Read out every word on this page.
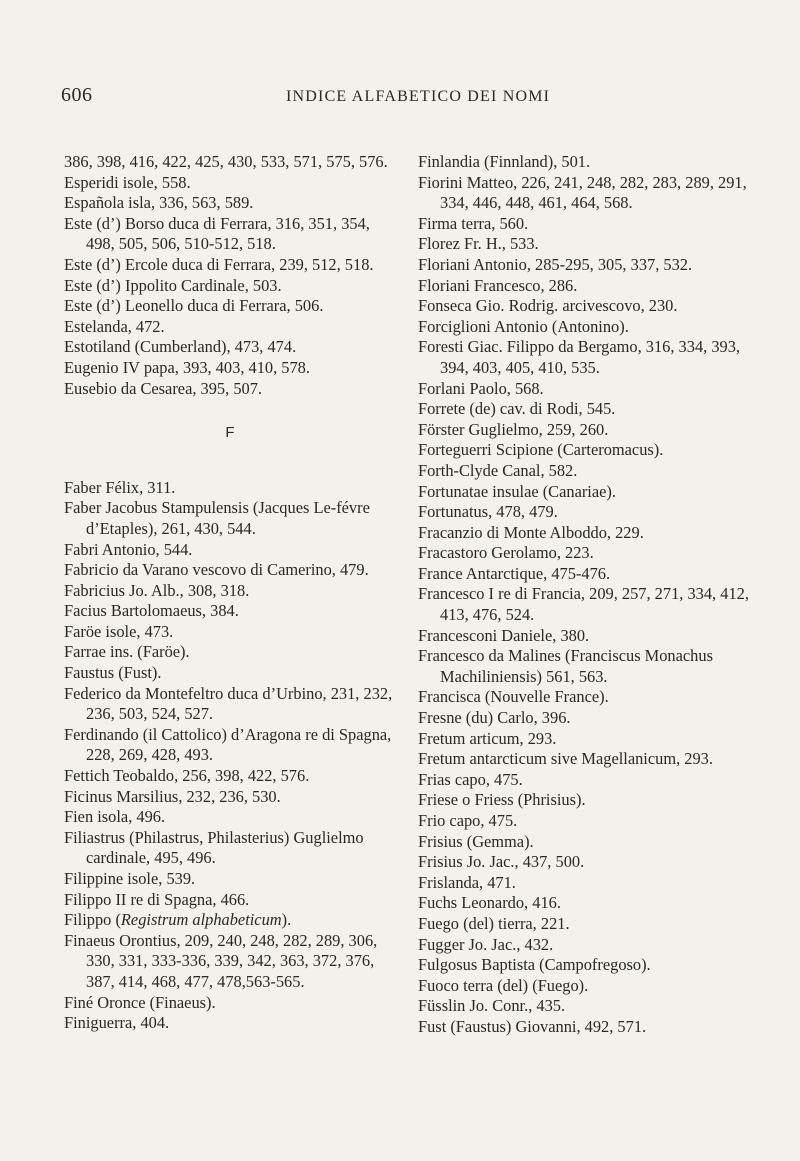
606	INDICE ALFABETICO DEI NOMI
386, 398, 416, 422, 425, 430, 533, 571, 575, 576.
Esperidi isole, 558.
Española isla, 336, 563, 589.
Este (d’) Borso duca di Ferrara, 316, 351, 354, 498, 505, 506, 510-512, 518.
Este (d’) Ercole duca di Ferrara, 239, 512, 518.
Este (d’) Ippolito Cardinale, 503.
Este (d’) Leonello duca di Ferrara, 506.
Estelanda, 472.
Estotiland (Cumberland), 473, 474.
Eugenio IV papa, 393, 403, 410, 578.
Eusebio da Cesarea, 395, 507.
F
Faber Félix, 311.
Faber Jacobus Stampulensis (Jacques Le-févre d’Etaples), 261, 430, 544.
Fabri Antonio, 544.
Fabricio da Varano vescovo di Camerino, 479.
Fabricius Jo. Alb., 308, 318.
Facius Bartolomaeus, 384.
Faröe isole, 473.
Farrae ins. (Faröe).
Faustus (Fust).
Federico da Montefeltro duca d’Urbino, 231, 232, 236, 503, 524, 527.
Ferdinando (il Cattolico) d’Aragona re di Spagna, 228, 269, 428, 493.
Fettich Teobaldo, 256, 398, 422, 576.
Ficinus Marsilius, 232, 236, 530.
Fien isola, 496.
Filiastrus (Philastrus, Philasterius) Guglielmo cardinale, 495, 496.
Filippine isole, 539.
Filippo II re di Spagna, 466.
Filippo (Registrum alphabeticum).
Finaeus Orontius, 209, 240, 248, 282, 289, 306, 330, 331, 333-336, 339, 342, 363, 372, 376, 387, 414, 468, 477, 478,563-565.
Finé Oronce (Finaeus).
Finiguerra, 404.
Finlandia (Finnland), 501.
Fiorini Matteo, 226, 241, 248, 282, 283, 289, 291, 334, 446, 448, 461, 464, 568.
Firma terra, 560.
Florez Fr. H., 533.
Floriani Antonio, 285-295, 305, 337, 532.
Floriani Francesco, 286.
Fonseca Gio. Rodrig. arcivescovo, 230.
Forciglioni Antonio (Antonino).
Foresti Giac. Filippo da Bergamo, 316, 334, 393, 394, 403, 405, 410, 535.
Forlani Paolo, 568.
Forrete (de) cav. di Rodi, 545.
Förster Guglielmo, 259, 260.
Forteguerri Scipione (Carteromacus).
Forth-Clyde Canal, 582.
Fortunatae insulae (Canariae).
Fortunatus, 478, 479.
Fracanzio di Monte Alboddo, 229.
Fracastoro Gerolamo, 223.
France Antarctique, 475-476.
Francesco I re di Francia, 209, 257, 271, 334, 412, 413, 476, 524.
Francesconi Daniele, 380.
Francesco da Malines (Franciscus Monachus Machiliniensis) 561, 563.
Francisca (Nouvelle France).
Fresne (du) Carlo, 396.
Fretum articum, 293.
Fretum antarcticum sive Magellanicum, 293.
Frias capo, 475.
Friese o Friess (Phrisius).
Frio capo, 475.
Frisius (Gemma).
Frisius Jo. Jac., 437, 500.
Frislanda, 471.
Fuchs Leonardo, 416.
Fuego (del) tierra, 221.
Fugger Jo. Jac., 432.
Fulgosus Baptista (Campofregoso).
Fuoco terra (del) (Fuego).
Füsslin Jo. Conr., 435.
Fust (Faustus) Giovanni, 492, 571.
